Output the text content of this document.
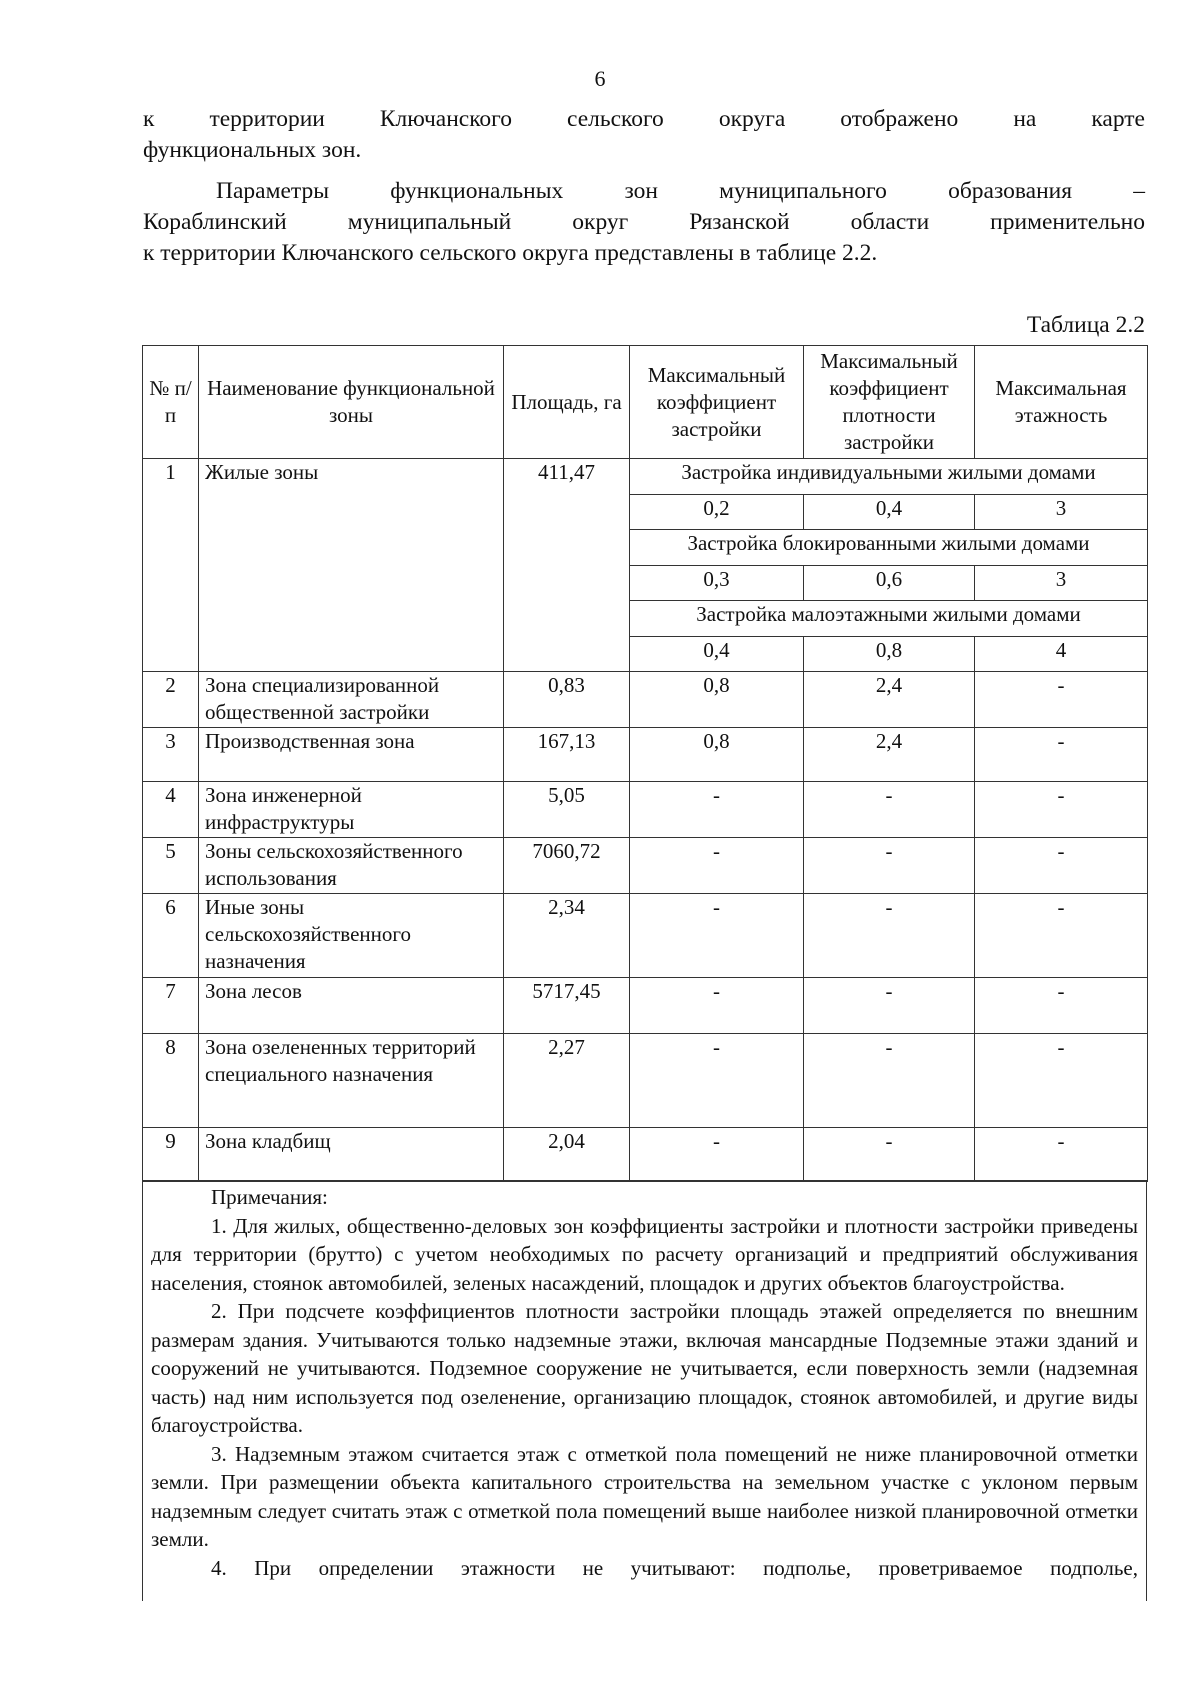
6
к территории Ключанского сельского округа отображено на карте
функциональных зон.
Параметры функциональных зон муниципального образования –
Кораблинский муниципальный округ Рязанской области применительно
к территории Ключанского сельского округа представлены в таблице 2.2.
Таблица 2.2
№ п/п	Наименование функциональной зоны	Площадь, га	Максимальный коэффициент застройки	Максимальный коэффициент плотности застройки	Максимальная этажность
1	Жилые зоны	411,47	Застройка индивидуальными жилыми домами		
			0,2	0,4	3
			Застройка блокированными жилыми домами		
			0,3	0,6	3
			Застройка малоэтажными жилыми домами		
			0,4	0,8	4
2	Зона специализированной общественной застройки	0,83	0,8	2,4	-
3	Производственная зона	167,13	0,8	2,4	-
4	Зона инженерной инфраструктуры	5,05	-	-	-
5	Зоны сельскохозяйственного использования	7060,72	-	-	-
6	Иные зоны сельскохозяйственного назначения	2,34	-	-	-
7	Зона лесов	5717,45	-	-	-
8	Зона озелененных территорий специального назначения	2,27	-	-	-
9	Зона кладбищ	2,04	-	-	-
Примечания:
1. Для жилых, общественно-деловых зон коэффициенты застройки и плотности застройки приведены для территории (брутто) с учетом необходимых по расчету организаций и предприятий обслуживания населения, стоянок автомобилей, зеленых насаждений, площадок и других объектов благоустройства.
2. При подсчете коэффициентов плотности застройки площадь этажей определяется по внешним размерам здания. Учитываются только надземные этажи, включая мансардные Подземные этажи зданий и сооружений не учитываются. Подземное сооружение не учитывается, если поверхность земли (надземная часть) над ним используется под озеленение, организацию площадок, стоянок автомобилей, и другие виды благоустройства.
3. Надземным этажом считается этаж с отметкой пола помещений не ниже планировочной отметки земли. При размещении объекта капитального строительства на земельном участке с уклоном первым надземным следует считать этаж с отметкой пола помещений выше наиболее низкой планировочной отметки земли.
4. При определении этажности не учитывают: подполье, проветриваемое подполье,
